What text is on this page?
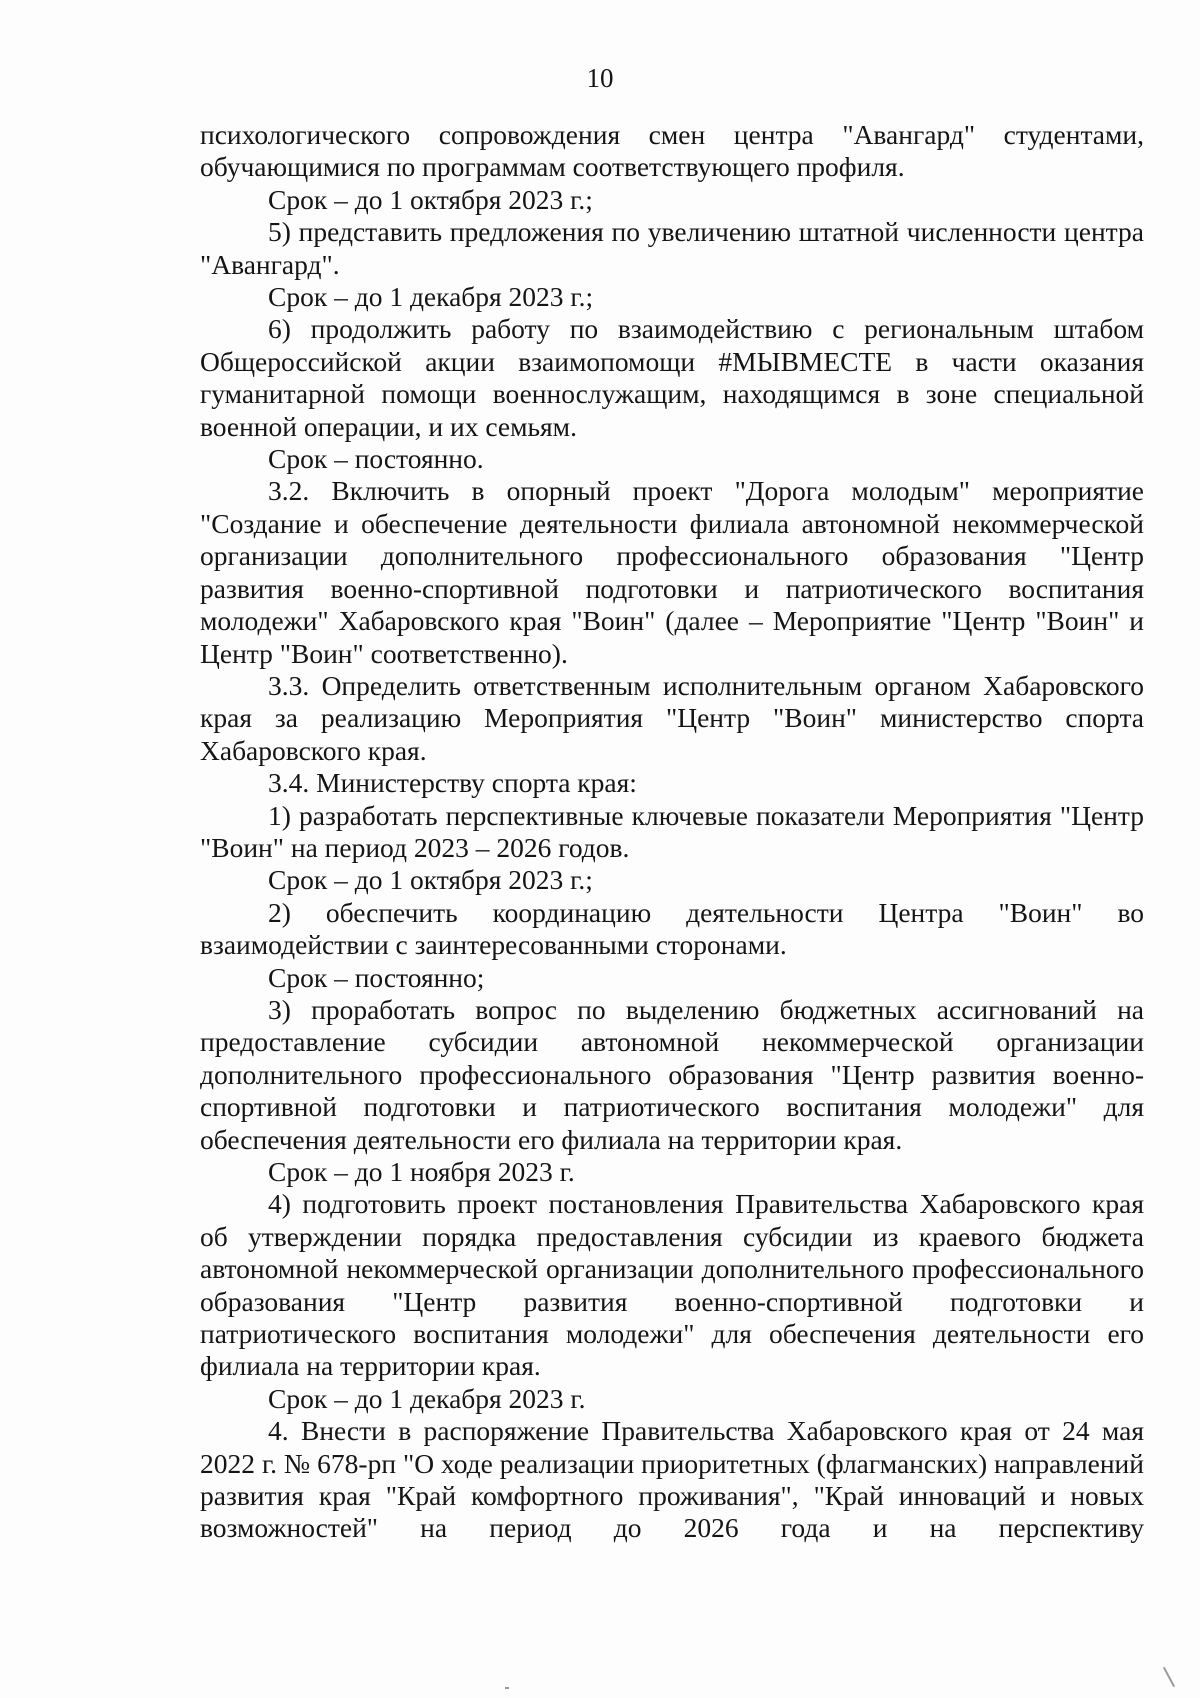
10

психологического сопровождения смен центра "Авангард" студентами, обучающимися по программам соответствующего профиля.

Срок – до 1 октября 2023 г.;

5) представить предложения по увеличению штатной численности центра "Авангард".

Срок – до 1 декабря 2023 г.;

6) продолжить работу по взаимодействию с региональным штабом Общероссийской акции взаимопомощи #МЫВМЕСТЕ в части оказания гуманитарной помощи военнослужащим, находящимся в зоне специальной военной операции, и их семьям.

Срок – постоянно.

3.2. Включить в опорный проект "Дорога молодым" мероприятие "Создание и обеспечение деятельности филиала автономной некоммерческой организации дополнительного профессионального образования "Центр развития военно-спортивной подготовки и патриотического воспитания молодежи" Хабаровского края "Воин" (далее – Мероприятие "Центр "Воин" и Центр "Воин" соответственно).

3.3. Определить ответственным исполнительным органом Хабаровского края за реализацию Мероприятия "Центр "Воин" министерство спорта Хабаровского края.

3.4. Министерству спорта края:

1) разработать перспективные ключевые показатели Мероприятия "Центр "Воин" на период 2023 – 2026 годов.

Срок – до 1 октября 2023 г.;

2) обеспечить координацию деятельности Центра "Воин" во взаимодействии с заинтересованными сторонами.

Срок – постоянно;

3) проработать вопрос по выделению бюджетных ассигнований на предоставление субсидии автономной некоммерческой организации дополнительного профессионального образования "Центр развития военно-спортивной подготовки и патриотического воспитания молодежи" для обеспечения деятельности его филиала на территории края.

Срок – до 1 ноября 2023 г.

4) подготовить проект постановления Правительства Хабаровского края об утверждении порядка предоставления субсидии из краевого бюджета автономной некоммерческой организации дополнительного профессионального образования "Центр развития военно-спортивной подготовки и патриотического воспитания молодежи" для обеспечения деятельности его филиала на территории края.

Срок – до 1 декабря 2023 г.

4. Внести в распоряжение Правительства Хабаровского края от 24 мая 2022 г. № 678-рп "О ходе реализации приоритетных (флагманских) направлений развития края "Край комфортного проживания", "Край инноваций и новых возможностей" на период до 2026 года и на перспективу
